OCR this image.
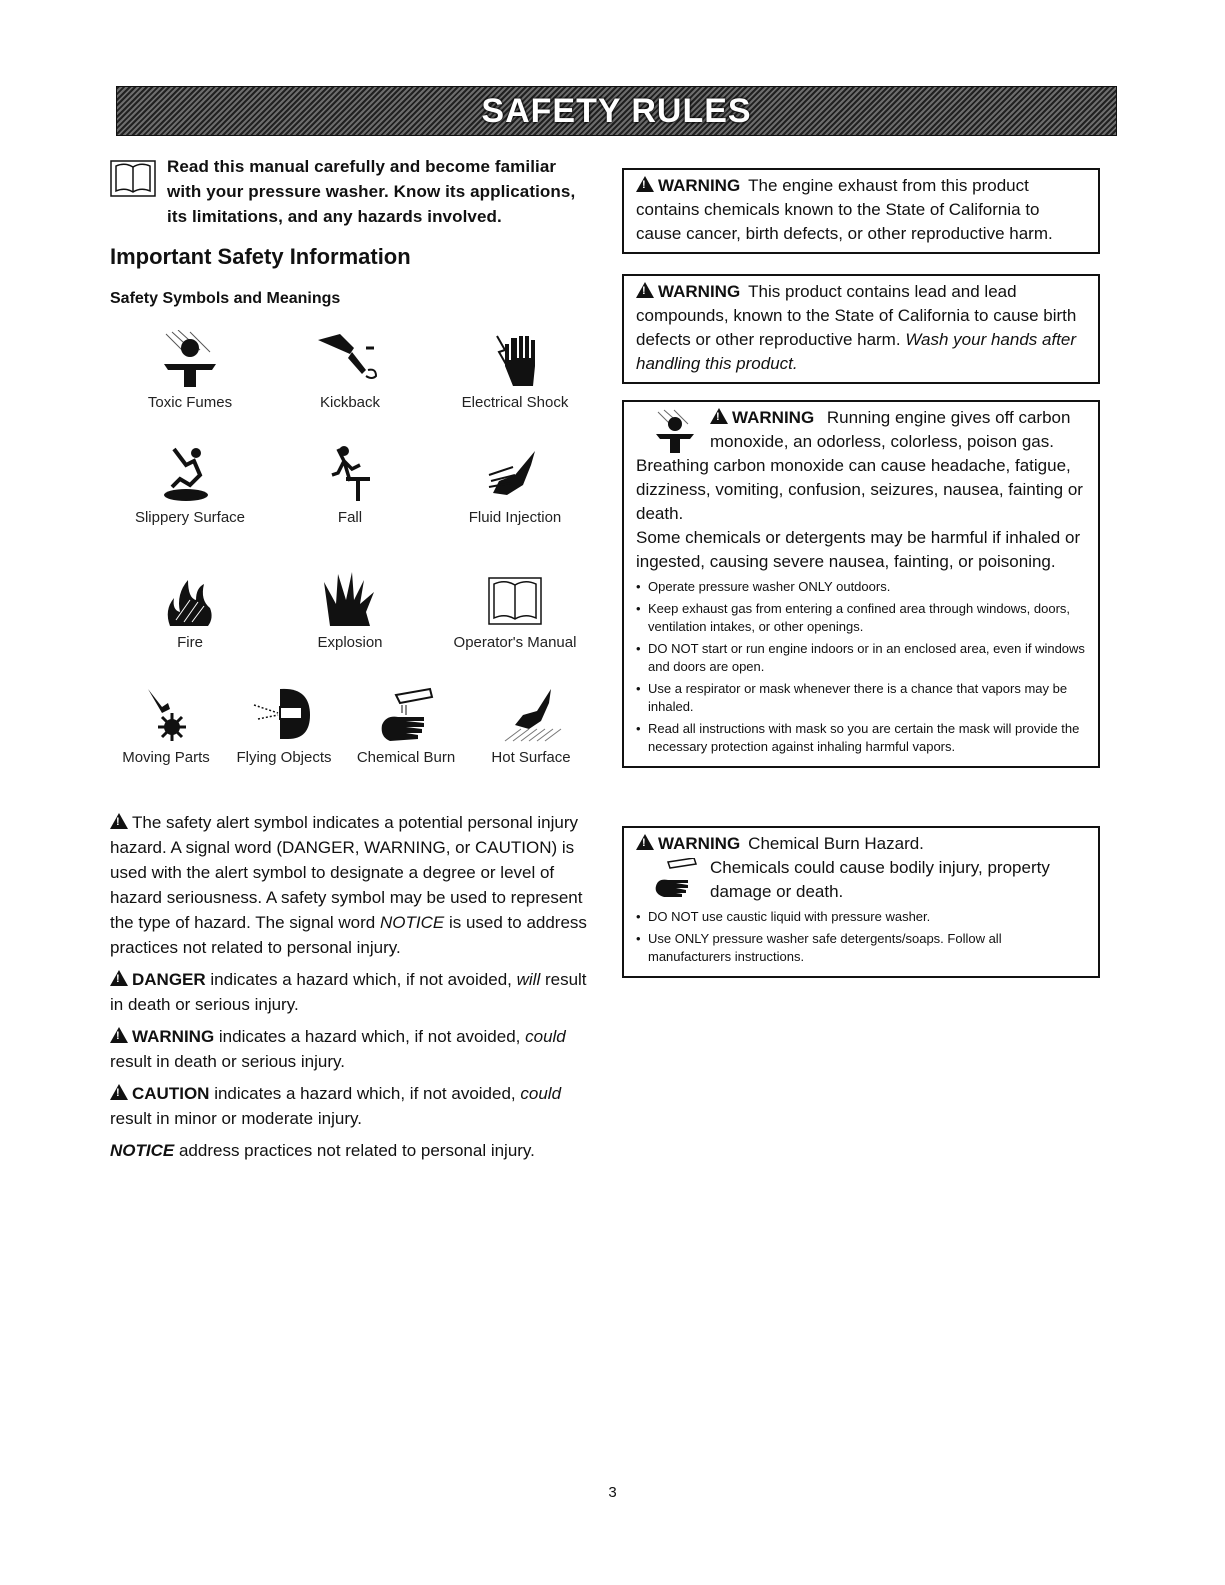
SAFETY RULES
Read this manual carefully and become familiar
with your pressure washer. Know its applications,
its limitations, and any hazards involved.
Important Safety Information
Safety Symbols and Meanings
Toxic Fumes	Kickback	Electrical Shock
Slippery Surface	Fall	Fluid Injection
Fire	Explosion	Operator's Manual
Moving Parts	Flying Objects	Chemical Burn	Hot Surface

!The safety alert symbol indicates a potential personal injury hazard. A signal word (DANGER, WARNING, or CAUTION) is used with the alert symbol to designate a degree or level of hazard seriousness. A safety symbol may be used to represent the type of hazard. The signal word NOTICE is used to address practices not related to personal injury.

!DANGER indicates a hazard which, if not avoided, will result in death or serious injury.

!WARNING indicates a hazard which, if not avoided, could result in death or serious injury.

!CAUTION indicates a hazard which, if not avoided, could result in minor or moderate injury.

NOTICE address practices not related to personal injury.

!WARNING The engine exhaust from this product contains chemicals known to the State of California to cause cancer, birth defects, or other reproductive harm.
!WARNING This product contains lead and lead compounds, known to the State of California to cause birth defects or other reproductive harm. Wash your hands after handling this product.
!WARNING Running engine gives off carbon monoxide, an odorless, colorless, poison gas. Breathing carbon monoxide can cause headache, fatigue, dizziness, vomiting, confusion, seizures, nausea, fainting or death.
Some chemicals or detergents may be harmful if inhaled or ingested, causing severe nausea, fainting, or poisoning.
• Operate pressure washer ONLY outdoors.
• Keep exhaust gas from entering a confined area through windows, doors, ventilation intakes, or other openings.
• DO NOT start or run engine indoors or in an enclosed area, even if windows and doors are open.
• Use a respirator or mask whenever there is a chance that vapors may be inhaled.
• Read all instructions with mask so you are certain the mask will provide the necessary protection against inhaling harmful vapors.
!WARNING Chemical Burn Hazard.

Chemicals could cause bodily injury, property damage or death.
• DO NOT use caustic liquid with pressure washer.
• Use ONLY pressure washer safe detergents/soaps. Follow all manufacturers instructions.
3
